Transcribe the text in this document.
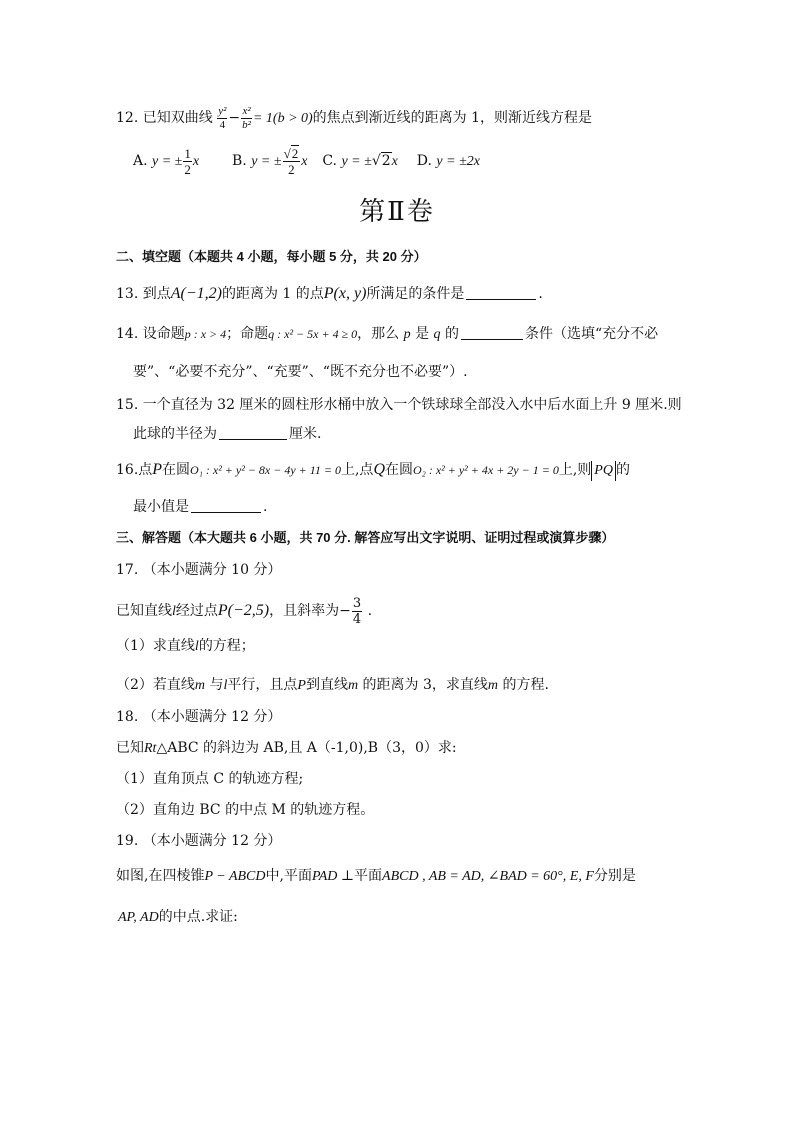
12. 已知双曲线 $\frac{\text{y²}}{4} - \frac{\text{x²}}{\text{b²}} = 1(b > 0)$的焦点到渐近线的距离为 1，则渐近线方程是
A. y = ± $\frac{1}{2}$ x B. y = ± $\frac{√2}{2}$ x C. y = ±√2x D. y = ±2x
第Ⅱ卷
二、填空题（本题共 4 小题，每小题 5 分，共 20 分）
13. 到点A(−1,2)的距离为 1 的点P(x, y)所满足的条件是	.
14. 设命题p : x > 4；命题q : x² − 5x + 4 ≥ 0，那么 p 是 q 的	条件（选填“充分不必
要”、“必要不充分”、“充要”、“既不充分也不必要”）.
15. 一个直径为 32 厘米的圆柱形水桶中放入一个铁球球全部没入水中后水面上升 9 厘米.则
此球的半径为	厘米.
16.点P在圆O₁ : x² + y² − 8x − 4y + 11 = 0上,点Q在圆O₂ : x² + y² + 4x + 2y − 1 = 0上,则 PQ 的
最小值是	.
三、解答题（本大题共 6 小题，共 70 分. 解答应写出文字说明、证明过程或演算步骤）
17. （本小题满分 10 分）
已知直线l经过点P(−2,5)，且斜率为− $\frac{3}{4}$ .
（1）求直线l的方程；
（2）若直线m 与l平行，且点P到直线m 的距离为 3，求直线m 的方程.
18. （本小题满分 12 分）
已知Rt△ABC 的斜边为 AB,且 A（-1,0),B（3，0）求:
（1）直角顶点 C 的轨迹方程;
（2）直角边 BC 的中点 M 的轨迹方程。
19. （本小题满分 12 分）
如图,在四棱锥P − ABCD中,平面PAD ⊥平面ABCD , AB = AD, ∠BAD = 60°, E, F分别是
AP, AD的中点.求证:
